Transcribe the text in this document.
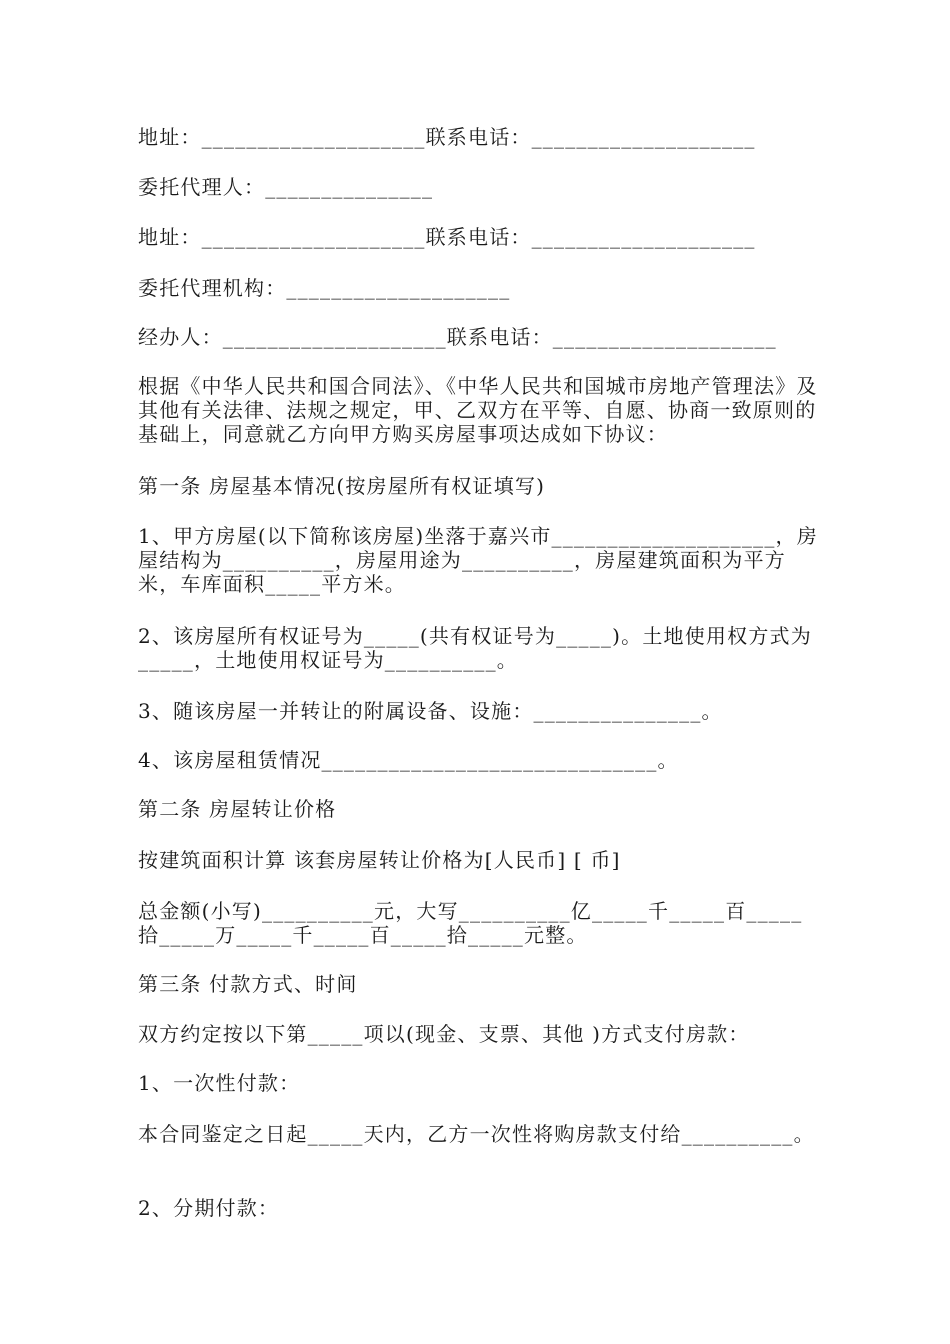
地址：____________________联系电话：____________________

委托代理人：_______________

地址：____________________联系电话：____________________

委托代理机构：____________________

经办人：____________________联系电话：____________________

根据《中华人民共和国合同法》、《中华人民共和国城市房地产管理法》及其他有关法律、法规之规定，甲、乙双方在平等、自愿、协商一致原则的基础上，同意就乙方向甲方购买房屋事项达成如下协议：

第一条 房屋基本情况(按房屋所有权证填写)

1、甲方房屋(以下简称该房屋)坐落于嘉兴市____________________，房屋结构为__________，房屋用途为__________，房屋建筑面积为平方米，车库面积_____平方米。

2、该房屋所有权证号为_____(共有权证号为_____)。土地使用权方式为_____，土地使用权证号为__________。

3、随该房屋一并转让的附属设备、设施：_______________。

4、该房屋租赁情况______________________________。

第二条 房屋转让价格

按建筑面积计算 该套房屋转让价格为[人民币] [ 币]

总金额(小写)__________元，大写__________亿_____千_____百_____拾_____万_____千_____百_____拾_____元整。

第三条 付款方式、时间

双方约定按以下第_____项以(现金、支票、其他 )方式支付房款：

1、一次性付款：

本合同鉴定之日起_____天内，乙方一次性将购房款支付给__________。

2、分期付款：
